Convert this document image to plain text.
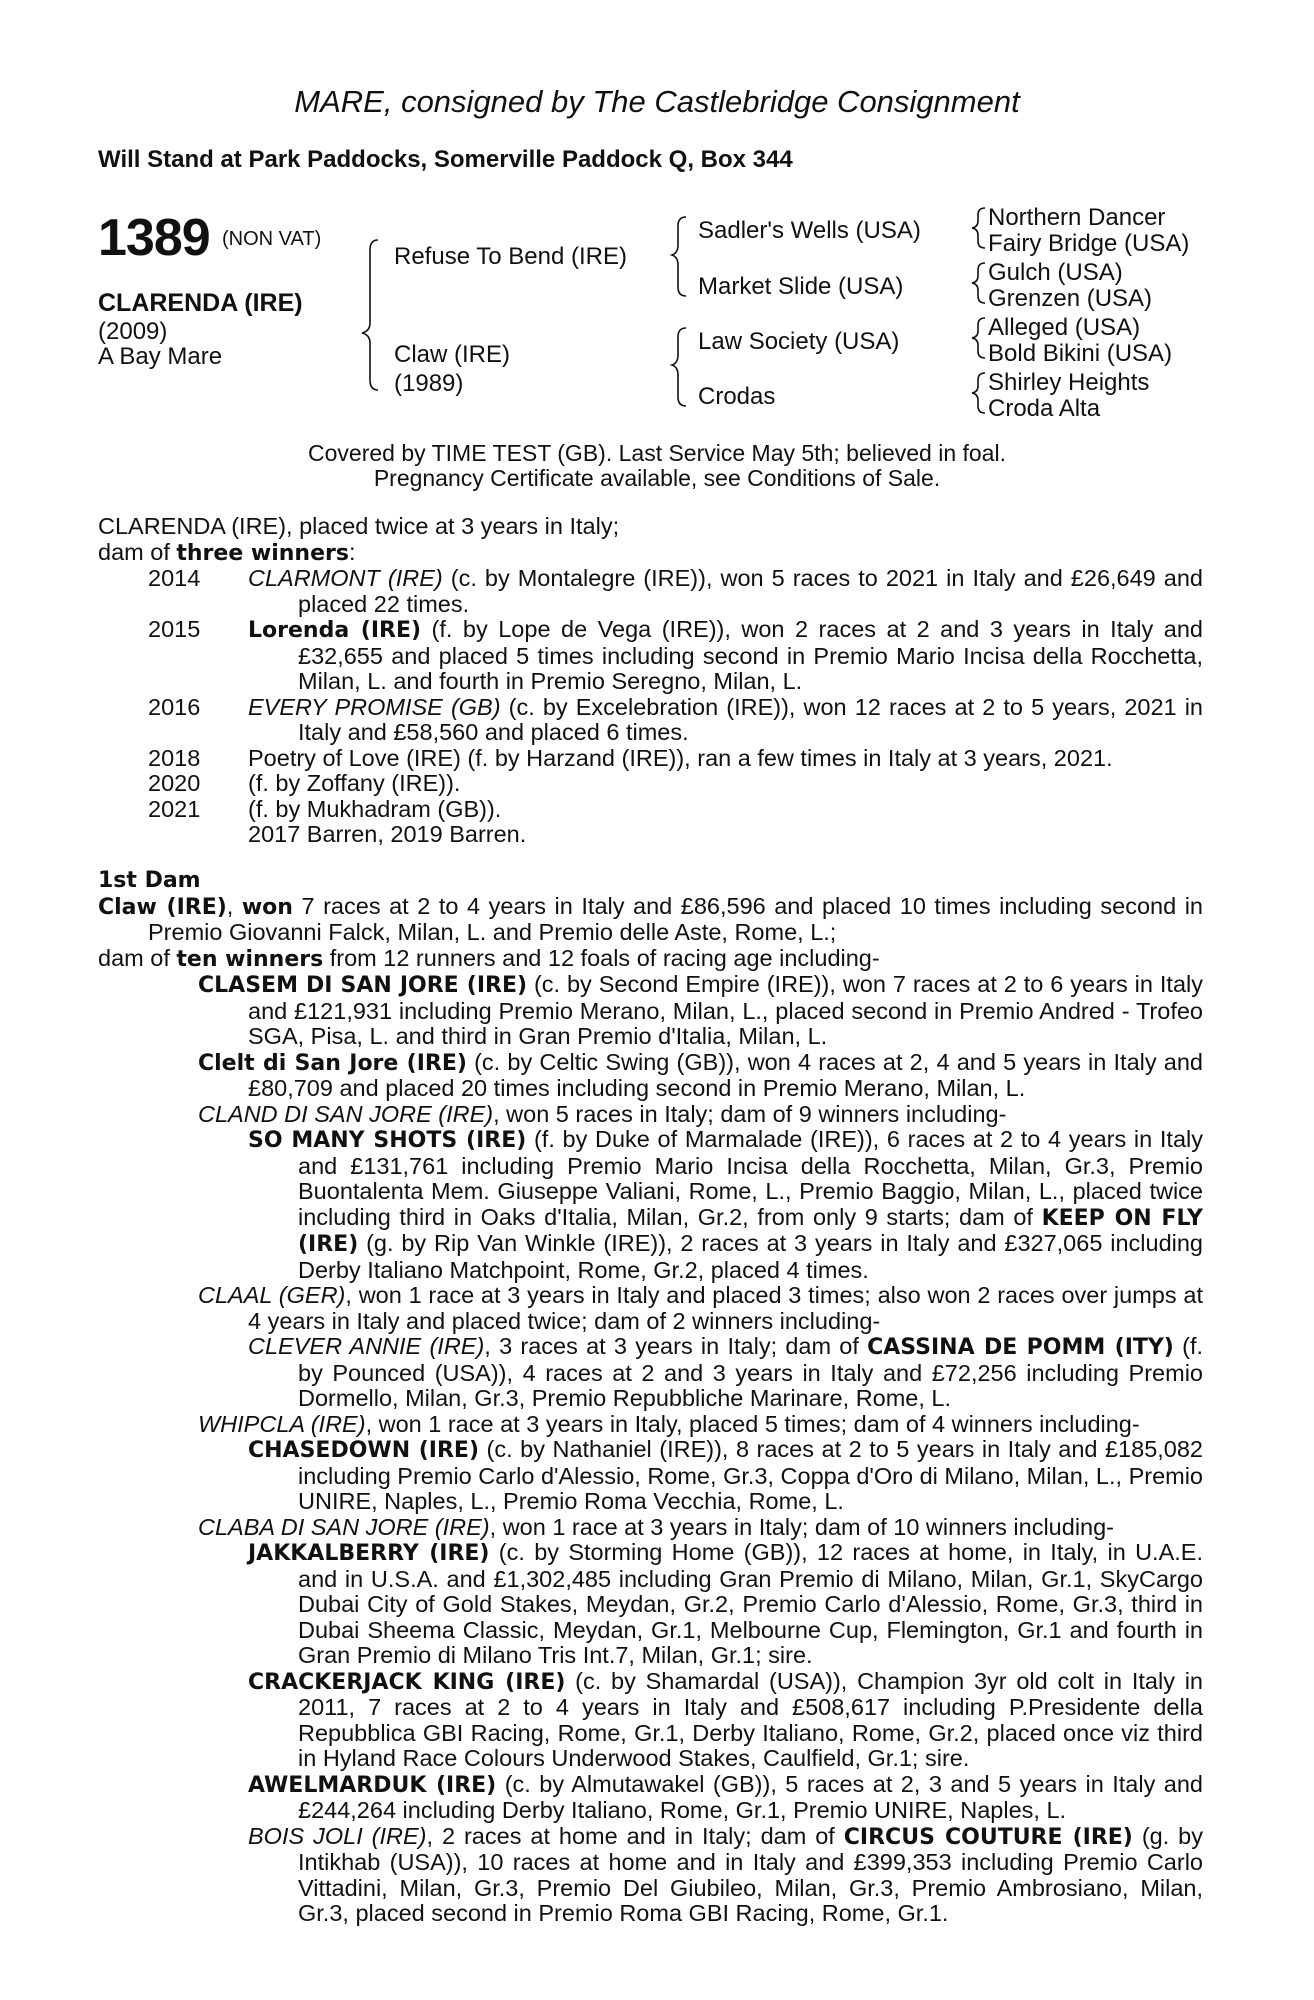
MARE, consigned by The Castlebridge Consignment
Will Stand at Park Paddocks, Somerville Paddock Q, Box 344
1389 (NON VAT)
CLARENDA (IRE)
(2009)
A Bay Mare
Refuse To Bend (IRE)
Claw (IRE)
(1989)
Sadler's Wells (USA)
Market Slide (USA)
Law Society (USA)
Crodas
Northern Dancer
Fairy Bridge (USA)
Gulch (USA)
Grenzen (USA)
Alleged (USA)
Bold Bikini (USA)
Shirley Heights
Croda Alta
Covered by TIME TEST (GB). Last Service May 5th; believed in foal.
Pregnancy Certificate available, see Conditions of Sale.

CLARENDA (IRE), placed twice at 3 years in Italy;

dam of three winners:

2014	CLARMONT (IRE) (c. by Montalegre (IRE)), won 5 races to 2021 in Italy and £26,649 and placed 22 times.
2015	Lorenda (IRE) (f. by Lope de Vega (IRE)), won 2 races at 2 and 3 years in Italy and £32,655 and placed 5 times including second in Premio Mario Incisa della Rocchetta, Milan, L. and fourth in Premio Seregno, Milan, L.
2016	EVERY PROMISE (GB) (c. by Excelebration (IRE)), won 12 races at 2 to 5 years, 2021 in Italy and £58,560 and placed 6 times.
2018	Poetry of Love (IRE) (f. by Harzand (IRE)), ran a few times in Italy at 3 years, 2021.
2020	(f. by Zoffany (IRE)).
2021	(f. by Mukhadram (GB)).

2017 Barren, 2019 Barren.

1st Dam

Claw (IRE), won 7 races at 2 to 4 years in Italy and £86,596 and placed 10 times including second in Premio Giovanni Falck, Milan, L. and Premio delle Aste, Rome, L.;

dam of ten winners from 12 runners and 12 foals of racing age including-

CLASEM DI SAN JORE (IRE) (c. by Second Empire (IRE)), won 7 races at 2 to 6 years in Italy and £121,931 including Premio Merano, Milan, L., placed second in Premio Andred - Trofeo SGA, Pisa, L. and third in Gran Premio d'Italia, Milan, L.

Clelt di San Jore (IRE) (c. by Celtic Swing (GB)), won 4 races at 2, 4 and 5 years in Italy and £80,709 and placed 20 times including second in Premio Merano, Milan, L.

CLAND DI SAN JORE (IRE), won 5 races in Italy; dam of 9 winners including-

SO MANY SHOTS (IRE) (f. by Duke of Marmalade (IRE)), 6 races at 2 to 4 years in Italy and £131,761 including Premio Mario Incisa della Rocchetta, Milan, Gr.3, Premio Buontalenta Mem. Giuseppe Valiani, Rome, L., Premio Baggio, Milan, L., placed twice including third in Oaks d'Italia, Milan, Gr.2, from only 9 starts; dam of KEEP ON FLY (IRE) (g. by Rip Van Winkle (IRE)), 2 races at 3 years in Italy and £327,065 including Derby Italiano Matchpoint, Rome, Gr.2, placed 4 times.

CLAAL (GER), won 1 race at 3 years in Italy and placed 3 times; also won 2 races over jumps at 4 years in Italy and placed twice; dam of 2 winners including-

CLEVER ANNIE (IRE), 3 races at 3 years in Italy; dam of CASSINA DE POMM (ITY) (f. by Pounced (USA)), 4 races at 2 and 3 years in Italy and £72,256 including Premio Dormello, Milan, Gr.3, Premio Repubbliche Marinare, Rome, L.

WHIPCLA (IRE), won 1 race at 3 years in Italy, placed 5 times; dam of 4 winners including-

CHASEDOWN (IRE) (c. by Nathaniel (IRE)), 8 races at 2 to 5 years in Italy and £185,082 including Premio Carlo d'Alessio, Rome, Gr.3, Coppa d'Oro di Milano, Milan, L., Premio UNIRE, Naples, L., Premio Roma Vecchia, Rome, L.

CLABA DI SAN JORE (IRE), won 1 race at 3 years in Italy; dam of 10 winners including-

JAKKALBERRY (IRE) (c. by Storming Home (GB)), 12 races at home, in Italy, in U.A.E. and in U.S.A. and £1,302,485 including Gran Premio di Milano, Milan, Gr.1, SkyCargo Dubai City of Gold Stakes, Meydan, Gr.2, Premio Carlo d'Alessio, Rome, Gr.3, third in Dubai Sheema Classic, Meydan, Gr.1, Melbourne Cup, Flemington, Gr.1 and fourth in Gran Premio di Milano Tris Int.7, Milan, Gr.1; sire.

CRACKERJACK KING (IRE) (c. by Shamardal (USA)), Champion 3yr old colt in Italy in 2011, 7 races at 2 to 4 years in Italy and £508,617 including P.Presidente della Repubblica GBI Racing, Rome, Gr.1, Derby Italiano, Rome, Gr.2, placed once viz third in Hyland Race Colours Underwood Stakes, Caulfield, Gr.1; sire.

AWELMARDUK (IRE) (c. by Almutawakel (GB)), 5 races at 2, 3 and 5 years in Italy and £244,264 including Derby Italiano, Rome, Gr.1, Premio UNIRE, Naples, L.

BOIS JOLI (IRE), 2 races at home and in Italy; dam of CIRCUS COUTURE (IRE) (g. by Intikhab (USA)), 10 races at home and in Italy and £399,353 including Premio Carlo Vittadini, Milan, Gr.3, Premio Del Giubileo, Milan, Gr.3, Premio Ambrosiano, Milan, Gr.3, placed second in Premio Roma GBI Racing, Rome, Gr.1.
